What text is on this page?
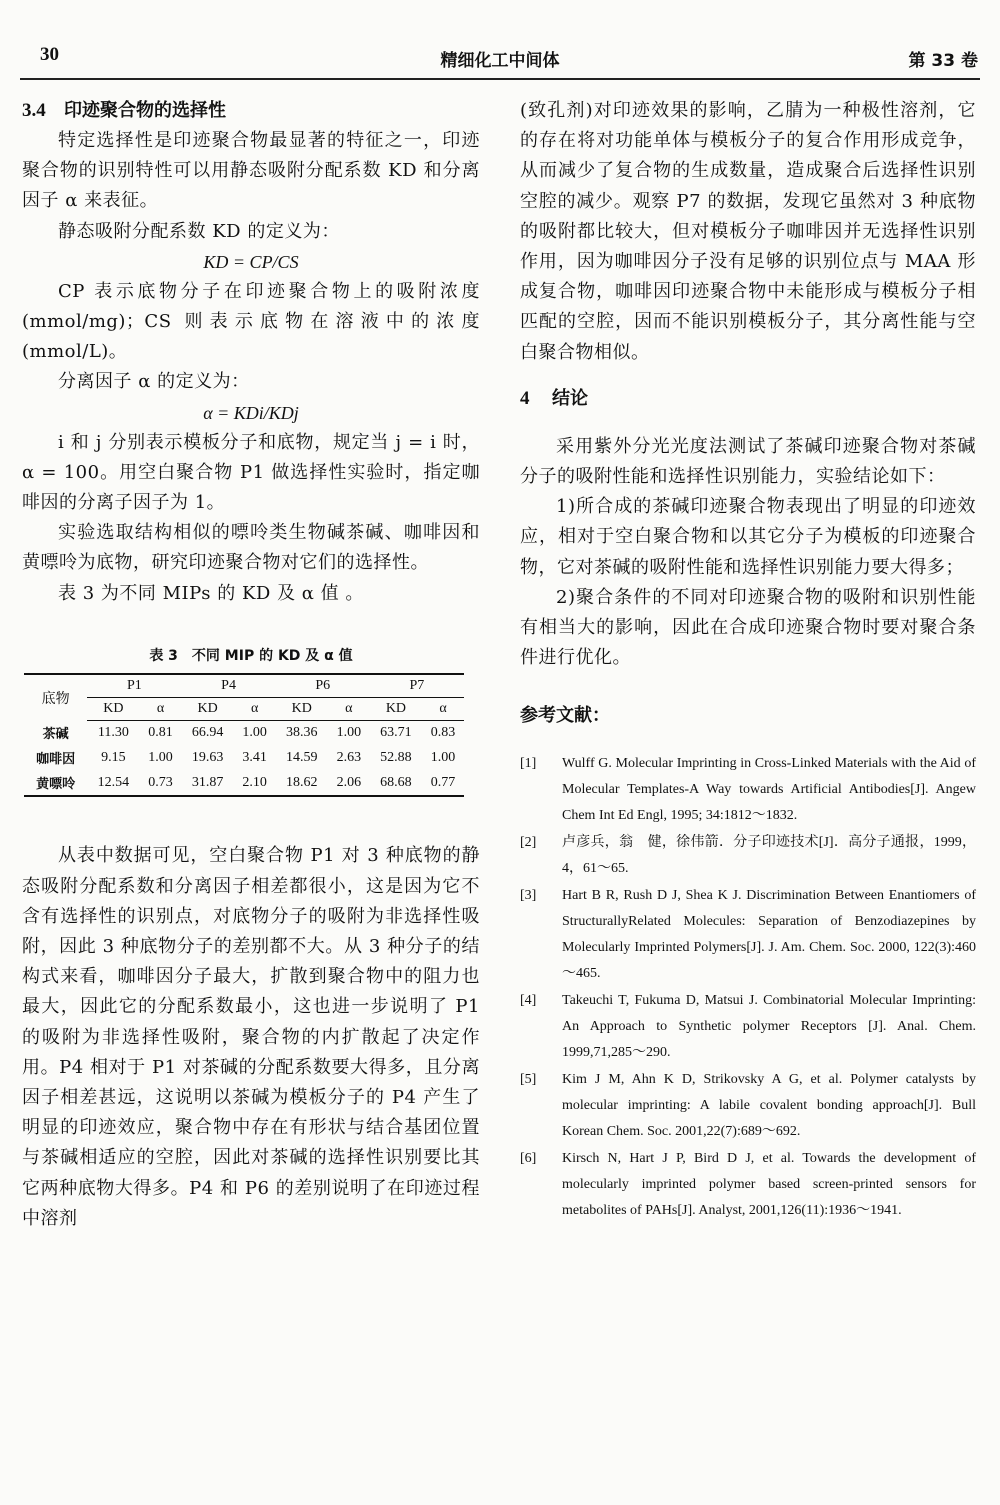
30	精细化工中间体	第 33 卷

3.4 印迹聚合物的选择性

特定选择性是印迹聚合物最显著的特征之一，印迹聚合物的识别特性可以用静态吸附分配系数 KD 和分离因子 α 来表征。

静态吸附分配系数 KD 的定义为：

KD = CP/CS

CP 表示底物分子在印迹聚合物上的吸附浓度(mmol/mg)；CS 则表示底物在溶液中的浓度(mmol/L)。

分离因子 α 的定义为：

α = KDi/KDj

i 和 j 分别表示模板分子和底物，规定当 j = i 时，α = 100。用空白聚合物 P1 做选择性实验时，指定咖啡因的分离子因子为 1。

实验选取结构相似的嘌呤类生物碱茶碱、咖啡因和黄嘌呤为底物，研究印迹聚合物对它们的选择性。

表 3 为不同 MIPs 的 KD 及 α 值 。

表 3　不同 MIP 的 KD 及 α 值
底物	P1		P4		P6		P7	
	KD	α	KD	α	KD	α	KD	α
茶碱	11.30	0.81	66.94	1.00	38.36	1.00	63.71	0.83
咖啡因	9.15	1.00	19.63	3.41	14.59	2.63	52.88	1.00
黄嘌呤	12.54	0.73	31.87	2.10	18.62	2.06	68.68	0.77

从表中数据可见，空白聚合物 P1 对 3 种底物的静态吸附分配系数和分离因子相差都很小，这是因为它不含有选择性的识别点，对底物分子的吸附为非选择性吸附，因此 3 种底物分子的差别都不大。从 3 种分子的结构式来看，咖啡因分子最大，扩散到聚合物中的阻力也最大，因此它的分配系数最小，这也进一步说明了 P1 的吸附为非选择性吸附，聚合物的内扩散起了决定作用。P4 相对于 P1 对茶碱的分配系数要大得多，且分离因子相差甚远，这说明以茶碱为模板分子的 P4 产生了明显的印迹效应，聚合物中存在有形状与结合基团位置与茶碱相适应的空腔，因此对茶碱的选择性识别要比其它两种底物大得多。P4 和 P6 的差别说明了在印迹过程中溶剂

(致孔剂)对印迹效果的影响，乙腈为一种极性溶剂，它的存在将对功能单体与模板分子的复合作用形成竞争，从而减少了复合物的生成数量，造成聚合后选择性识别空腔的减少。观察 P7 的数据，发现它虽然对 3 种底物的吸附都比较大，但对模板分子咖啡因并无选择性识别作用，因为咖啡因分子没有足够的识别位点与 MAA 形成复合物，咖啡因印迹聚合物中未能形成与模板分子相匹配的空腔，因而不能识别模板分子，其分离性能与空白聚合物相似。

4 结论

采用紫外分光光度法测试了茶碱印迹聚合物对茶碱分子的吸附性能和选择性识别能力，实验结论如下：

1)所合成的茶碱印迹聚合物表现出了明显的印迹效应，相对于空白聚合物和以其它分子为模板的印迹聚合物，它对茶碱的吸附性能和选择性识别能力要大得多；

2)聚合条件的不同对印迹聚合物的吸附和识别性能有相当大的影响，因此在合成印迹聚合物时要对聚合条件进行优化。

参考文献：

[1] Wulff G. Molecular Imprinting in Cross-Linked Materials with the Aid of Molecular Templates-A Way towards Artificial Antibodies[J]. Angew Chem Int Ed Engl, 1995; 34:1812～1832.

[2] 卢彦兵，翁　健，徐伟箭．分子印迹技术[J]．高分子通报，1999，4，61～65.

[3] Hart B R, Rush D J, Shea K J. Discrimination Between Enantiomers of StructurallyRelated Molecules: Separation of Benzodiazepines by Molecularly Imprinted Polymers[J]. J. Am. Chem. Soc. 2000, 122(3):460～465.

[4] Takeuchi T, Fukuma D, Matsui J. Combinatorial Molecular Imprinting: An Approach to Synthetic polymer Receptors [J]. Anal. Chem. 1999,71,285～290.

[5] Kim J M, Ahn K D, Strikovsky A G, et al. Polymer catalysts by molecular imprinting: A labile covalent bonding approach[J]. Bull Korean Chem. Soc. 2001,22(7):689～692.

[6] Kirsch N, Hart J P, Bird D J, et al. Towards the development of molecularly imprinted polymer based screen-printed sensors for metabolites of PAHs[J]. Analyst, 2001,126(11):1936～1941.
